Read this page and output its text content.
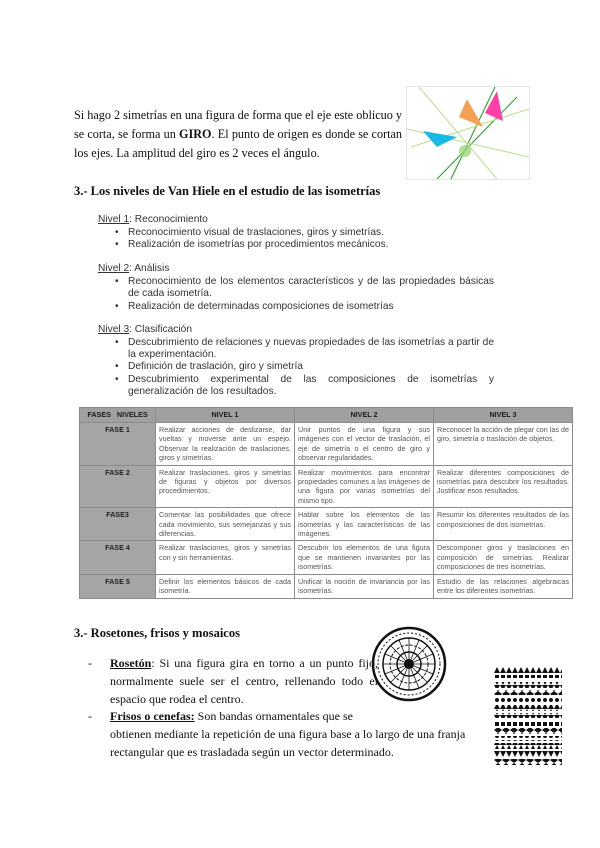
Si hago 2 simetrías en una figura de forma que el eje este oblicuo y se corta, se forma un GIRO. El punto de origen es donde se cortan los ejes. La amplitud del giro es 2 veces el ángulo.
3.- Los niveles de Van Hiele en el estudio de las isometrías
Nivel 1: Reconocimiento
• Reconocimiento visual de traslaciones, giros y simetrías.
• Realización de isometrías por procedimientos mecánicos.
Nivel 2: Análisis
• Reconocimiento de los elementos característicos y de las propiedades básicas de cada isometría.
• Realización de determinadas composiciones de isometrías
Nivel 3: Clasificación
• Descubrimiento de relaciones y nuevas propiedades de las isometrías a partir de la experimentación.
• Definición de traslación, giro y simetría
• Descubrimiento experimental de las composiciones de isometrías y generalización de los resultados.
FASES   NIVELES	NIVEL 1	NIVEL 2	NIVEL 3
FASE 1	Realizar acciones de deslizarse, dar vueltas y moverse ante un espejo. Observar la realización de traslaciones, giros y simetrías.	Unir puntos de una figura y sus imágenes con el vector de traslación, el eje de simetría o el centro de giro y observar regularidades.	Reconocer la acción de plegar con las de giro, simetría o traslación de objetos.
FASE 2	Realizar traslaciones, giros y simetrías de figuras y objetos por diversos procedimientos.	Realizar movimientos para encontrar propiedades comunes a las imágenes de una figura por varias isometrías del mismo tipo.	Realizar diferentes composiciones de isometrías para descubrir los resultados. Justificar esos resultados.
FASE3	Comentar las posibilidades que ofrece cada movimiento, sus semejanzas y sus diferencias.	Hablar sobre los elementos de las isometrías y las características de las imágenes.	Resumir los diferentes resultados de las composiciones de dos isometrías.
FASE 4	Realizar traslaciones, giros y simetrías con y sin herramientas.	Descubrir los elementos de una figura que se mantienen invariantes por las isometrías.	Descomponer giros y traslaciones en composición de simetrías. Realizar composiciones de tres isometrías.
FASE 5	Definir los elementos básicos de cada isometría.	Unificar la noción de invariancia por las isometrías.	Estudio de las relaciones algebraicas entre los diferentes isometrías.
3.- Rosetones, frisos y mosaicos
- Rosetón: Si una figura gira en torno a un punto fijo, normalmente suele ser el centro, rellenando todo el espacio que rodea el centro.
- Frisos o cenefas: Son bandas ornamentales que se
obtienen mediante la repetición de una figura base a lo largo de una franja rectangular que es trasladada según un vector determinado.
